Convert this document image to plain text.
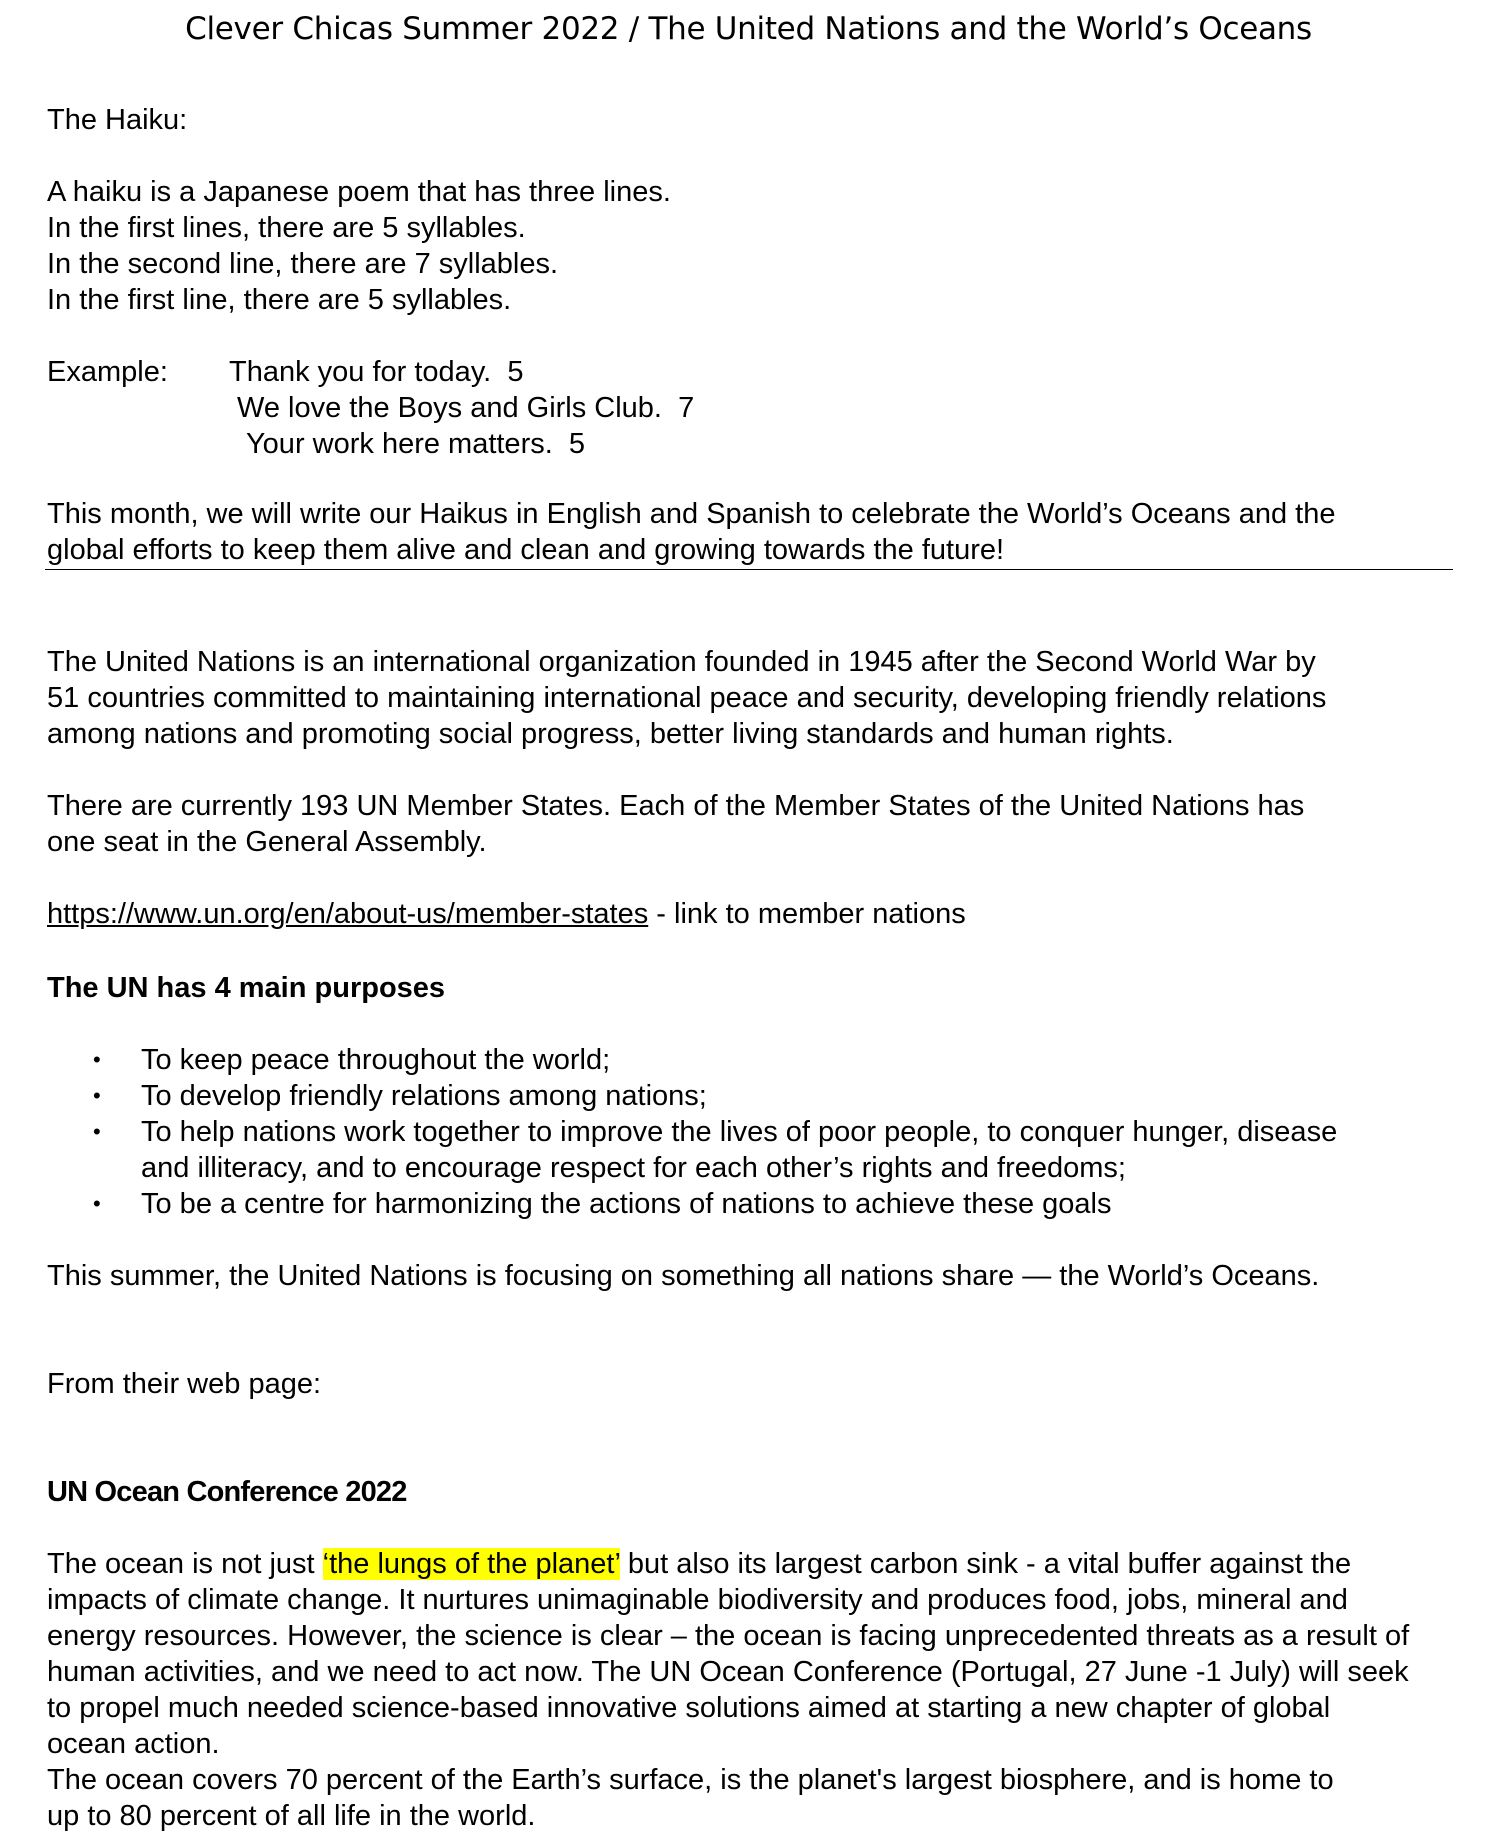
Clever Chicas Summer 2022 / The United Nations and the World’s Oceans
The Haiku:
A haiku is a Japanese poem that has three lines.
In the first lines, there are 5 syllables.
In the second line, there are 7 syllables.
In the first line, there are 5 syllables.
Example: Thank you for today.  5
We love the Boys and Girls Club.  7
Your work here matters.  5
This month, we will write our Haikus in English and Spanish to celebrate the World’s Oceans and the
global efforts to keep them alive and clean and growing towards the future!
The United Nations is an international organization founded in 1945 after the Second World War by
51 countries committed to maintaining international peace and security, developing friendly relations
among nations and promoting social progress, better living standards and human rights.
There are currently 193 UN Member States. Each of the Member States of the United Nations has
one seat in the General Assembly.
https://www.un.org/en/about-us/member-states - link to member nations
The UN has 4 main purposes
• To keep peace throughout the world;
• To develop friendly relations among nations;
• To help nations work together to improve the lives of poor people, to conquer hunger, disease
and illiteracy, and to encourage respect for each other’s rights and freedoms;
• To be a centre for harmonizing the actions of nations to achieve these goals
This summer, the United Nations is focusing on something all nations share — the World’s Oceans.
From their web page:
UN Ocean Conference 2022
The ocean is not just ‘the lungs of the planet’ but also its largest carbon sink - a vital buffer against the
impacts of climate change. It nurtures unimaginable biodiversity and produces food, jobs, mineral and
energy resources. However, the science is clear – the ocean is facing unprecedented threats as a result of
human activities, and we need to act now. The UN Ocean Conference (Portugal, 27 June -1 July) will seek
to propel much needed science-based innovative solutions aimed at starting a new chapter of global
ocean action.
The ocean covers 70 percent of the Earth’s surface, is the planet's largest biosphere, and is home to
up to 80 percent of all life in the world.
